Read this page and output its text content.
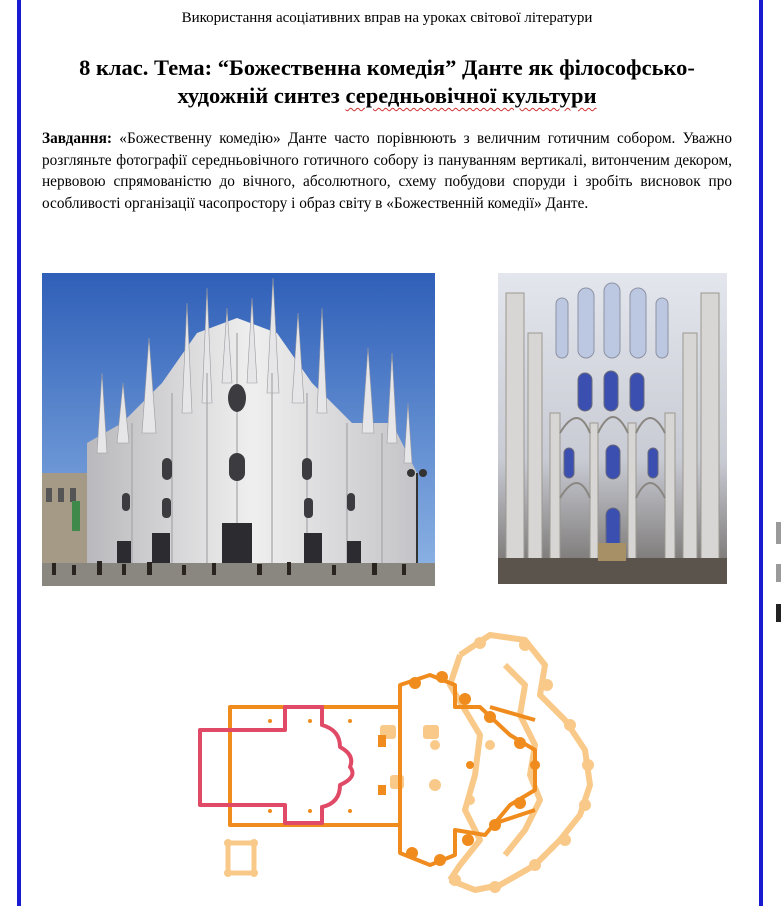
Використання асоціативних вправ на уроках світової літератури
8 клас. Тема: “Божественна комедія” Данте як філософсько-
художній синтез середньовічної культури
Завдання: «Божественну комедію» Данте часто порівнюють з величним готичним собором. Уважно розгляньте фотографії середньовічного готичного собору із пануванням вертикалі, витонченим декором, нервовою спрямованістю до вічного, абсолютного, схему побудови споруди і зробіть висновок про особливості організації часопростору і образ світу в «Божественній комедії» Данте.
